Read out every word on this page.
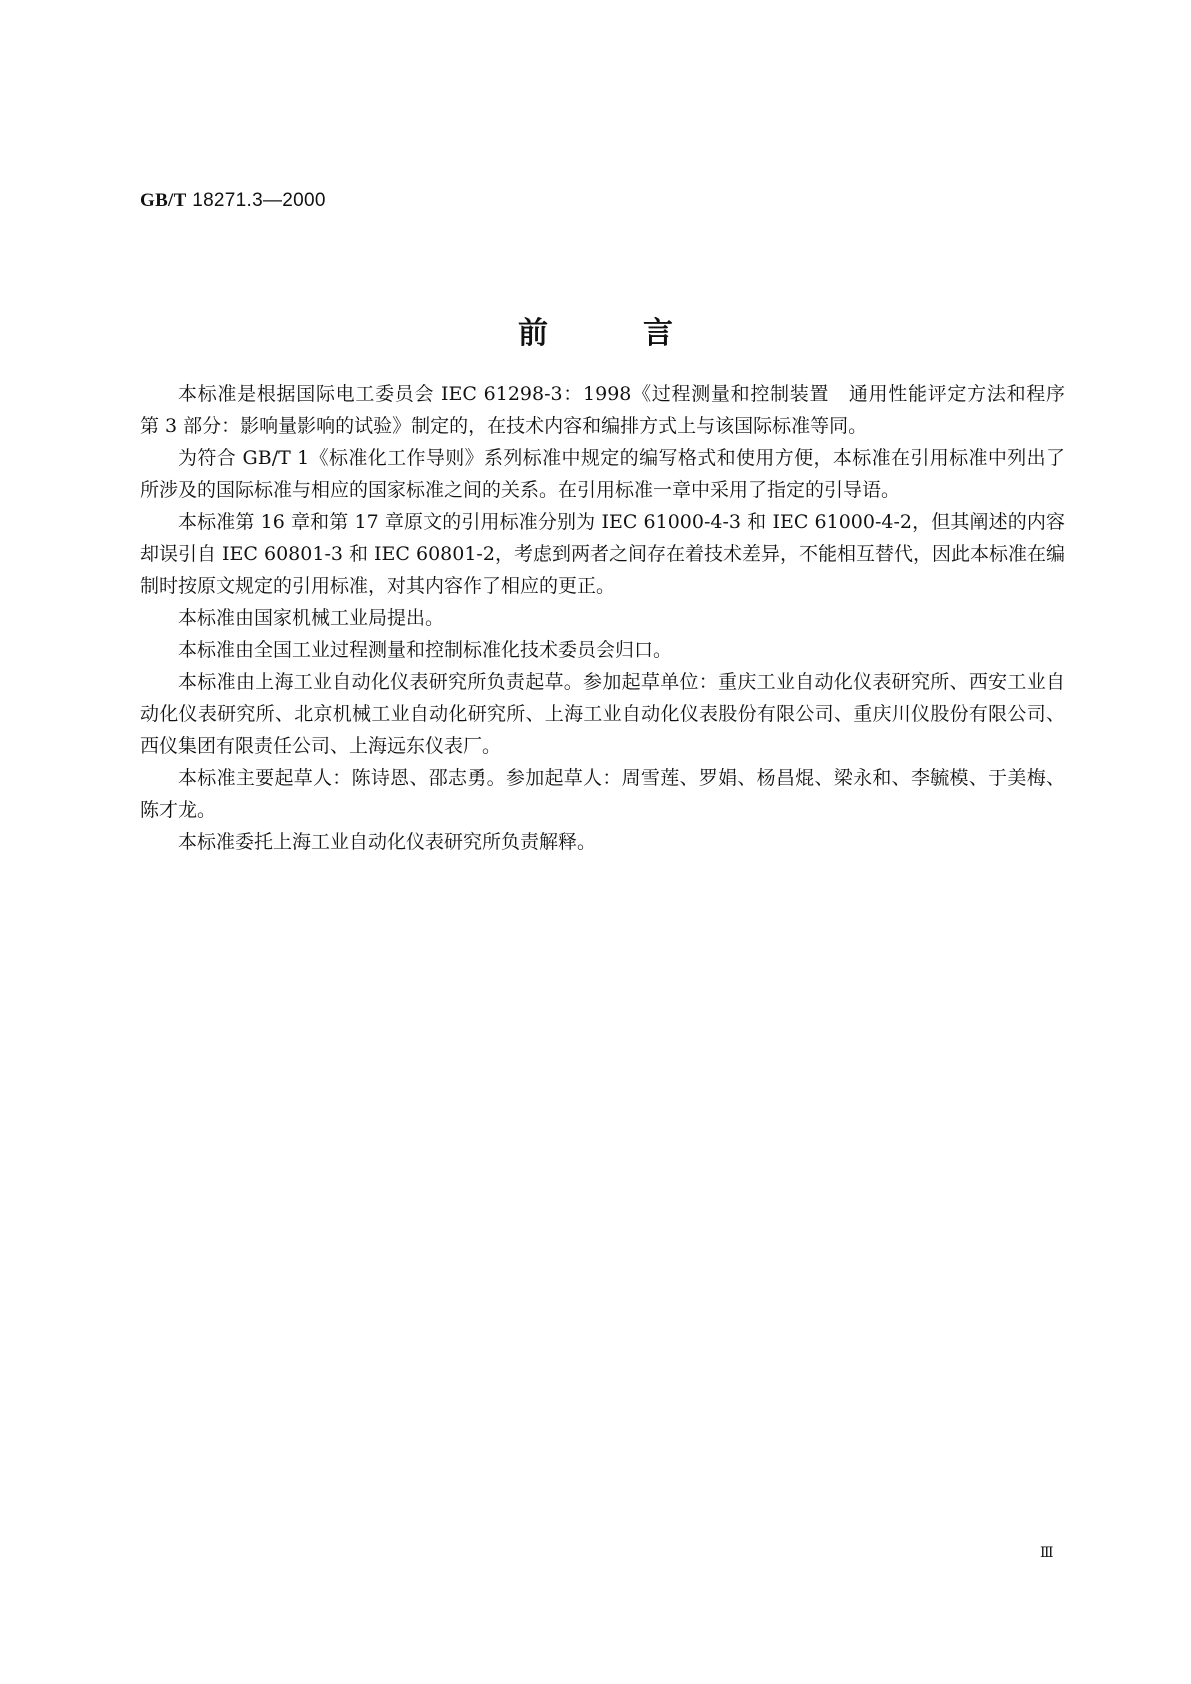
GB/T 18271.3—2000
前言

本标准是根据国际电工委员会 IEC 61298-3：1998《过程测量和控制装置　通用性能评定方法和程序　第 3 部分：影响量影响的试验》制定的，在技术内容和编排方式上与该国际标准等同。

为符合 GB/T 1《标准化工作导则》系列标准中规定的编写格式和使用方便，本标准在引用标准中列出了所涉及的国际标准与相应的国家标准之间的关系。在引用标准一章中采用了指定的引导语。

本标准第 16 章和第 17 章原文的引用标准分别为 IEC 61000-4-3 和 IEC 61000-4-2，但其阐述的内容却误引自 IEC 60801-3 和 IEC 60801-2，考虑到两者之间存在着技术差异，不能相互替代，因此本标准在编制时按原文规定的引用标准，对其内容作了相应的更正。

本标准由国家机械工业局提出。

本标准由全国工业过程测量和控制标准化技术委员会归口。

本标准由上海工业自动化仪表研究所负责起草。参加起草单位：重庆工业自动化仪表研究所、西安工业自动化仪表研究所、北京机械工业自动化研究所、上海工业自动化仪表股份有限公司、重庆川仪股份有限公司、西仪集团有限责任公司、上海远东仪表厂。

本标准主要起草人：陈诗恩、邵志勇。参加起草人：周雪莲、罗娟、杨昌焜、梁永和、李毓模、于美梅、陈才龙。

本标准委托上海工业自动化仪表研究所负责解释。

Ⅲ
